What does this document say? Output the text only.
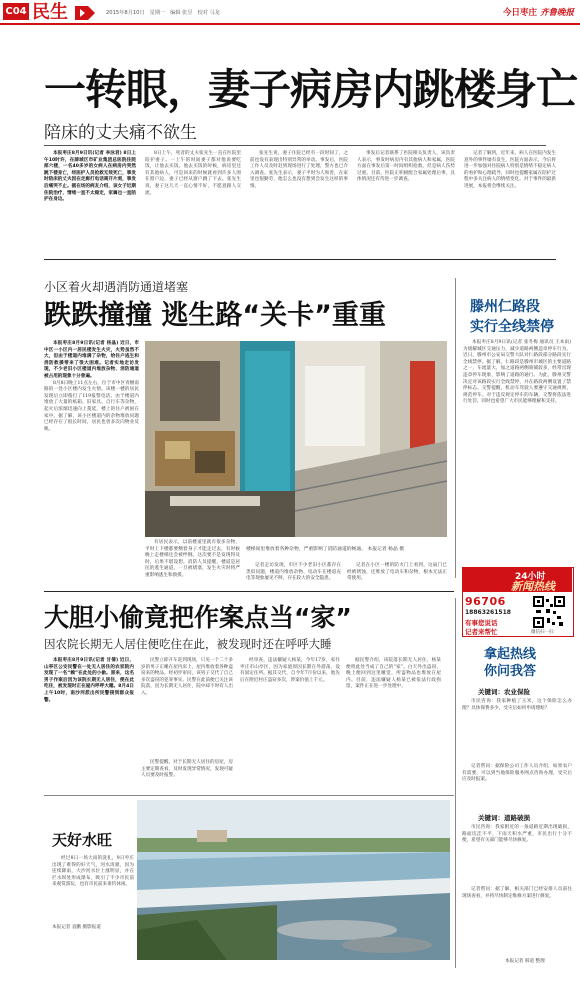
C04 民生	2015年8月10日 星期一 编辑 张昱 校对 马龙	今日枣庄 齐鲁晚报
一转眼，妻子病房内跳楼身亡
陪床的丈夫痛不欲生

本报枣庄8月9日讯(记者 李泳君) 8日上午10时许，在薛城区市矿业集团总医院住院部六楼，一名40多岁的女病人在病房内突然跳下楼身亡，经医护人员抢救无效死亡，事发时陪床的丈夫因在走廊打电话离开片刻，事发后痛哭不止。据在场的病友介绍，该女子近期住院治疗，情绪一直不太稳定，家属也一直陪护在身边。

8日上午，死者的丈夫张先生一直在医院里陪护妻子。一上午的时间妻子都对他说要吃饭，让他去买饭。他去买饭的时候，病房里还有其他病人，可是回来的时候就看到许多人围在窗户边，妻子已经从窗户跳了下去。张先生说，妻子这几天一直心情不好，不愿意跟人交流。

张先生说，妻子住院已经有一段时间了，之前也没有表现出特别异常的举动。事发后，医院工作人员及时赶到现场进行了处理，警方也已介入调查。张先生表示，妻子平时为人和善，在家里也很勤劳，他怎么也没有想到会发生这样的事情。

事发后记者联系了医院相关负责人，该负责人表示，事发时病房内有其他病人和家属，医院方面在事发后第一时间组织抢救，但是病人伤势过重。目前，医院正积极配合家属处理后事，具体情况还有待进一步调查。

记者了解到，近年来，病人在医院内发生意外的事件屡有发生，医院方面表示，今后将进一步加强对住院病人特别是情绪不稳定病人的看护和心理疏导，同时也提醒家属在陪护过程中多关注病人的情绪变化。对于事件的最新进展，本报将会继续关注。

小区着火却遇消防通道堵塞
跌跌撞撞 逃生路“关卡”重重

本报枣庄8月9日讯(记者 杨晶) 近日，市中区一小区内一居民楼发生火灾，火势虽然不大，但由于楼道内堆满了杂物，给住户逃生和消防救援带来了很大困难。记者实地走访发现，不少老旧小区楼道内堆放杂物、消防通道被占用的现象十分普遍。

8月8日晚上11点左右，位于市中区青檀南路的一处小区楼内发生火情。该楼一楼的居民发现后立即拨打了119报警电话。由于楼道内堆放了大量的纸箱、旧家具、自行车等杂物，起火后浓烟迅速向上蔓延，楼上的住户被困在家中。据了解，该小区楼道内的杂物堆放问题已经存在了很长时间，居民也曾多次向物业反映。

有居民表示，以前楼道里就有很多杂物，平时上下楼都要侧着身子才能走过去，有时候晚上走楼梯还会被绊倒。这次要不是发现得及时，后果不堪设想。消防人员提醒，楼道是居民的逃生通道，一旦被堵塞，发生火灾时将严重影响逃生和救援。

记者走访发现，市区不少老旧小区都存在类似问题，楼道内堆放杂物、电动车在楼道充电等现象屡见不鲜，存在较大的安全隐患。

记者在小区一楼的防火门上看到，这扇门已经被锈蚀，还堆放了电动车和杂物，根本无法正常使用。

楼梯间里堆放着各种杂物，严重影响了消防通道的畅通。 本报记者 杨晶 摄
滕州仁路段
实行全线禁停

本报枣庄8月9日讯(记者 张冬梅 通讯员 王本雨) 为缓解城区交通压力，减少道路两侧违章停车行为，近日，滕州市公安局交警大队对仁路段部分路段实行全线禁停。据了解，仁路段是滕州市城区的主要道路之一，车流量大，加之道路两侧商铺较多，经常出现违章停车现象，影响了道路的通行。为此，滕州交警决定对该路段实行全线禁停，并在路段两侧设置了禁停标志。交警提醒，机动车驾驶人要遵守交通规则，规范停车。对于违反规定停车的车辆，交警将依法进行处罚，同时也希望广大市民能够理解和支持。

24小时
新闻热线
96706
18863261518
有事您说话
记者来帮忙	微信扫一扫
拿起热线
你问我答
大胆小偷竟把作案点当“家”
因农院长期无人居住便吃住在此，被发现时还在呼呼大睡

本报枣庄8月9日讯(记者 甘倩) 近日，山亭区公安民警在一处无人居住的农家院内发现了一名“赖”在此处的小偷。原来，这名男子作案后因为该院长期无人居住，便在此吃住，被发现时正在屋内呼呼大睡。8月4日上午10时，南沙河派出所民警接到群众报警。

民警立即开车赶到现场，只见一个二十多岁的男子正睡在屋内床上，屋内堆放着各种盗窃来的物品。经初步审问，该男子交代了自己多次盗窃的犯罪事实。民警在此前便已关注该院落，因为长期无人居住，院中却不时有人出入。

经审查，违法嫌疑人杨某，今年17岁，家住枣庄市山亭区，因为家庭原因长期在外游荡，没有固定住所。据其交代，自今年7月份以来，他先后在附近村庄盗窃多次，涉案价值上千元。

据民警介绍，该院落长期无人居住，杨某便将此处当成了自己的“家”。白天外出盗窃，晚上便回到这里睡觉，所盗物品也堆放在屋内。目前，违法嫌疑人杨某已被依法行政拘留，案件正在进一步处理中。

民警提醒，对于长期无人居住的房屋，房主要定期查看，及时发现异常情况，发现可疑人员要及时报警。

天好水旺

经过8日一场大雨的洗礼，9日枣庄出现了难得的好天气，河水清澈，因为连续降雨，大沙河水位上涨明显，并在拦水坝处形成瀑布，吸引了不少市民前来观赏游玩，也有市民前来垂钓休闲。

本报记者 袁鹏 摄影报道
关键词：农业保险

市民咨询：我家种植了玉米，这个保险怎么办理？具体保费多少，受灾后如何申请理赔？

记者帮问：据保险公司工作人员介绍，如果农户有需要，可以到当地保险服务网点咨询办理，受灾后应及时报案。

关键词：道路破损

市民咨询：我家附近的一条道路近期出现破损，路面坑洼不平，下雨天积水严重，市民出行十分不便，希望有关部门能够尽快修复。

记者帮问：据了解，相关部门已经安排人员前往现场查看，并将尽快制定维修方案进行修复。

本报记者 韩逍 整理
